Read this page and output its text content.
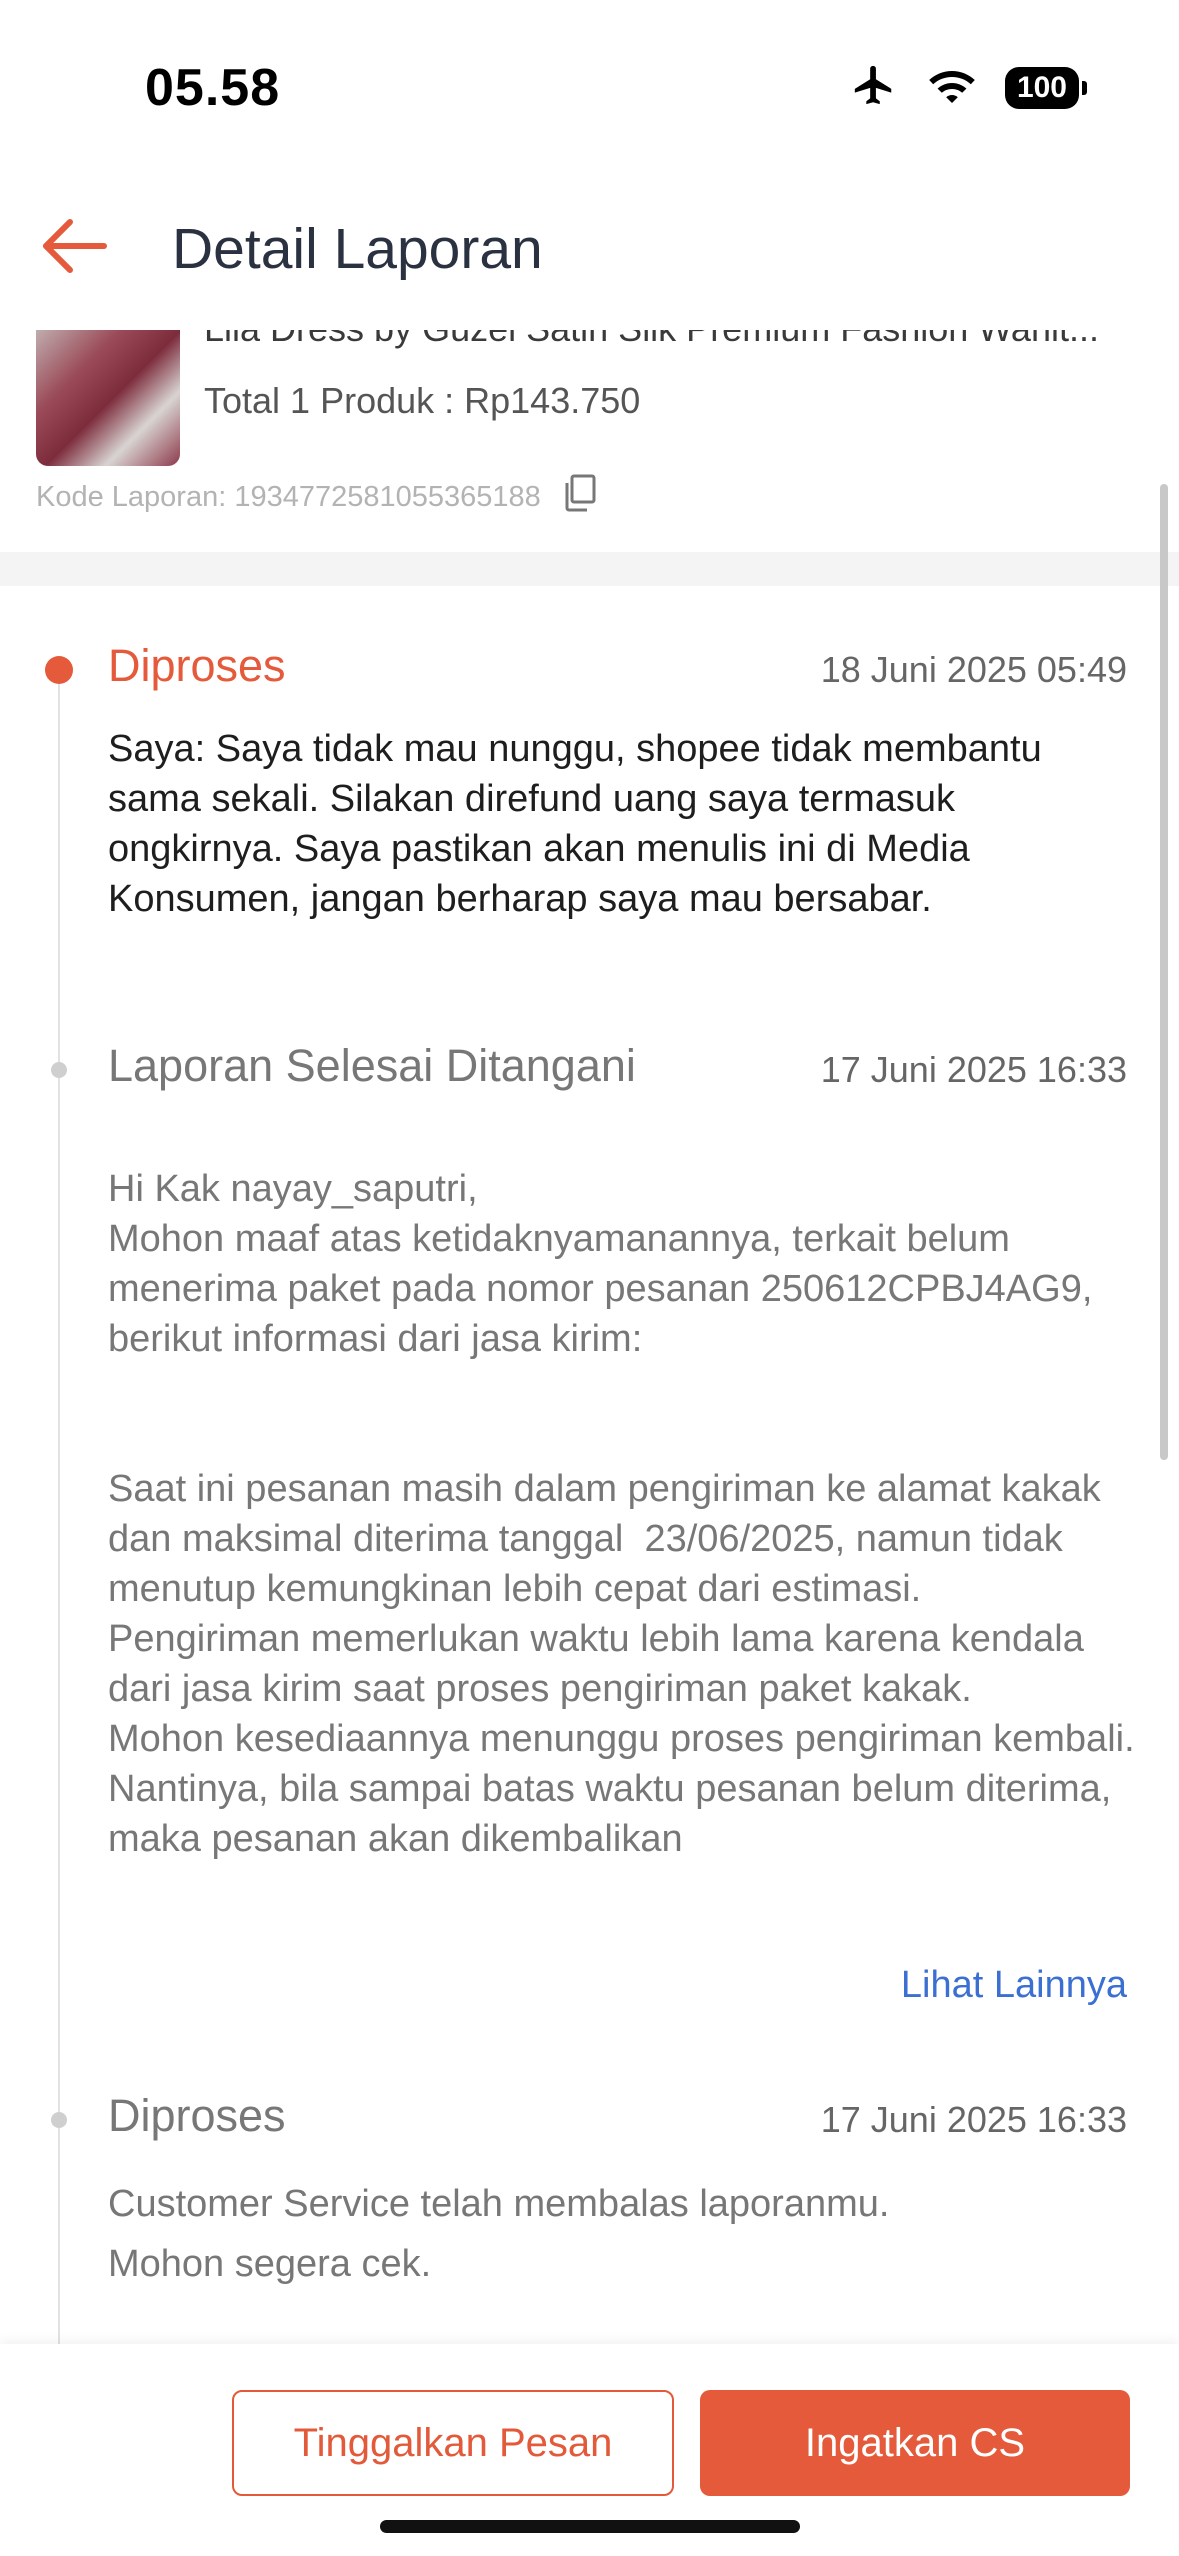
05.58	100
Detail Laporan
Total 1 Produk : Rp143.750
Kode Laporan: 1934772581055365188
Diproses	18 Juni 2025 05:49
Saya: Saya tidak mau nunggu, shopee tidak membantu sama sekali. Silakan direfund uang saya termasuk ongkirnya. Saya pastikan akan menulis ini di Media Konsumen, jangan berharap saya mau bersabar.
Laporan Selesai Ditangani	17 Juni 2025 16:33
Hi Kak nayay_saputri,
Mohon maaf atas ketidaknyamanannya, terkait belum menerima paket pada nomor pesanan 250612CPBJ4AG9, berikut informasi dari jasa kirim:

Saat ini pesanan masih dalam pengiriman ke alamat kakak  dan maksimal diterima tanggal  23/06/2025, namun tidak menutup kemungkinan lebih cepat dari estimasi.
Pengiriman memerlukan waktu lebih lama karena kendala dari jasa kirim saat proses pengiriman paket kakak.
Mohon kesediaannya menunggu proses pengiriman kembali.
Nantinya, bila sampai batas waktu pesanan belum diterima, maka pesanan akan dikembalikan
Lihat Lainnya
Diproses	17 Juni 2025 16:33
Customer Service telah membalas laporanmu.
Mohon segera cek.
Tinggalkan Pesan	Ingatkan CS
